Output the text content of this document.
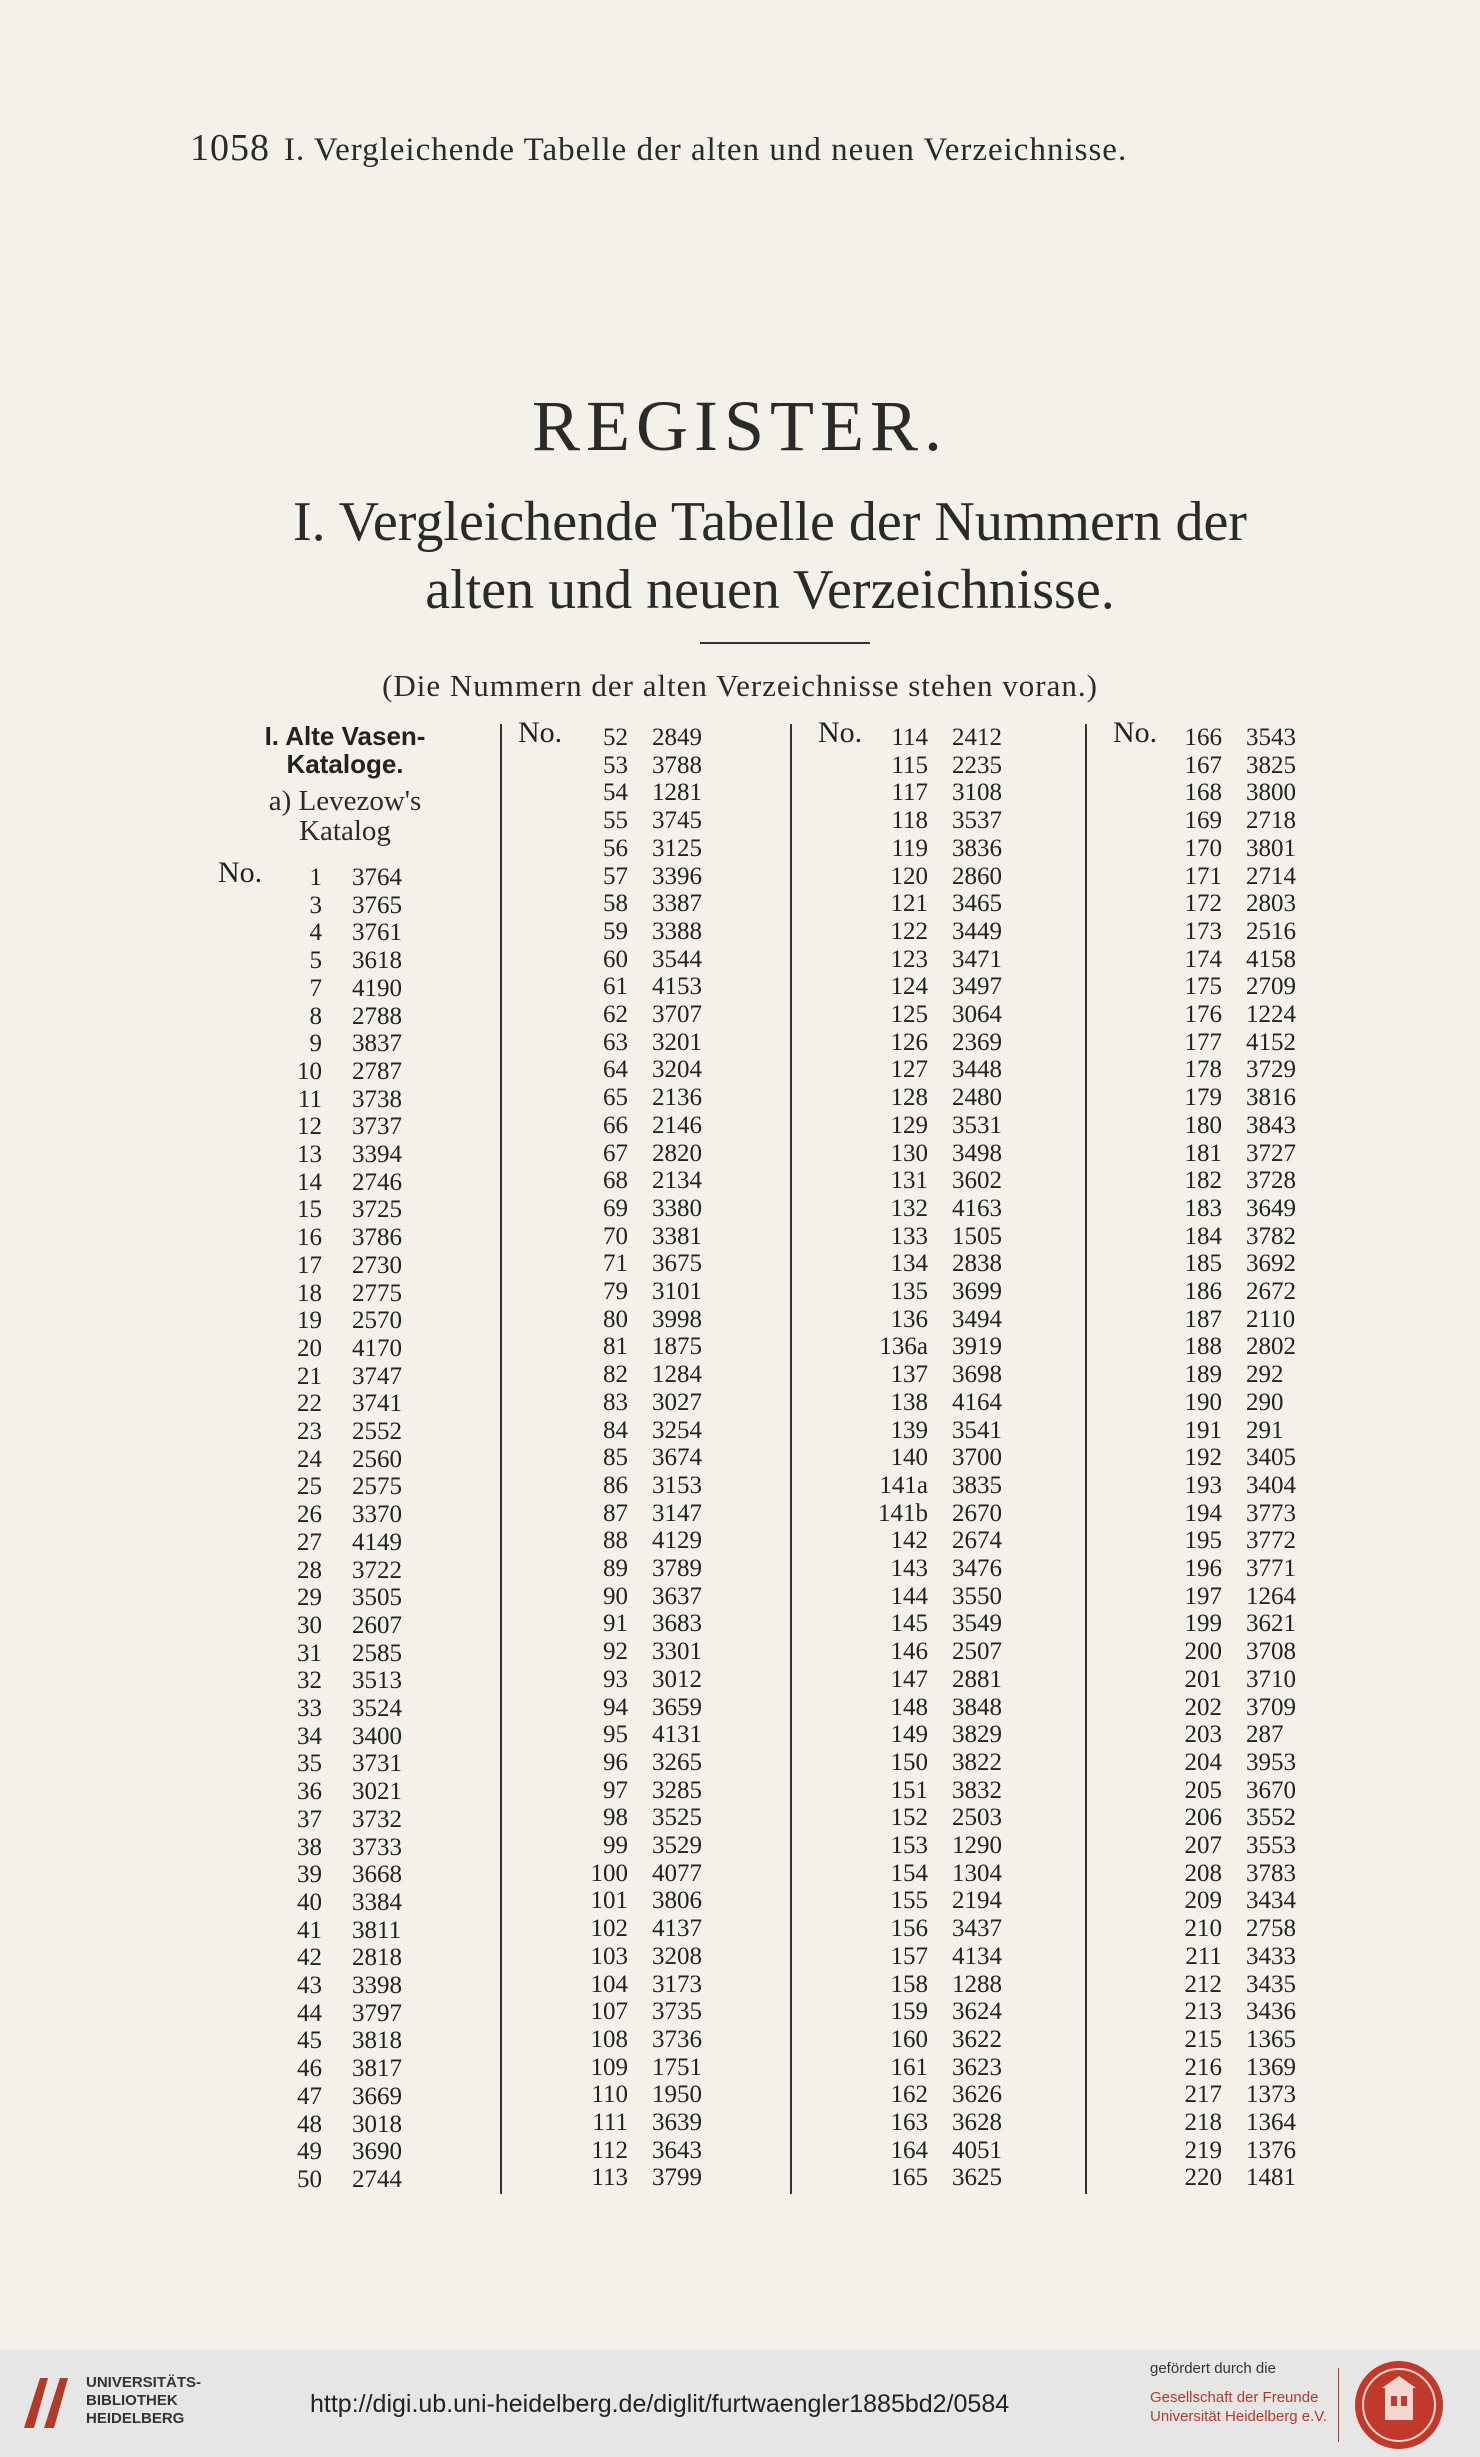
1058 I. Vergleichende Tabelle der alten und neuen Verzeichnisse.
REGISTER.
I. Vergleichende Tabelle der Nummern der
alten und neuen Verzeichnisse.
(Die Nummern der alten Verzeichnisse stehen voran.)
I. Alte Vasen-
Kataloge.
a) Levezow's
Katalog
No.	1 3764
3 3765
4 3761
5 3618
7 4190
8 2788
9 3837
10 2787
11 3738
12 3737
13 3394
14 2746
15 3725
16 3786
17 2730
18 2775
19 2570
20 4170
21 3747
22 3741
23 2552
24 2560
25 2575
26 3370
27 4149
28 3722
29 3505
30 2607
31 2585
32 3513
33 3524
34 3400
35 3731
36 3021
37 3732
38 3733
39 3668
40 3384
41 3811
42 2818
43 3398
44 3797
45 3818
46 3817
47 3669
48 3018
49 3690
50 2744
No.	52 2849
53 3788
54 1281
55 3745
56 3125
57 3396
58 3387
59 3388
60 3544
61 4153
62 3707
63 3201
64 3204
65 2136
66 2146
67 2820
68 2134
69 3380
70 3381
71 3675
79 3101
80 3998
81 1875
82 1284
83 3027
84 3254
85 3674
86 3153
87 3147
88 4129
89 3789
90 3637
91 3683
92 3301
93 3012
94 3659
95 4131
96 3265
97 3285
98 3525
99 3529
100 4077
101 3806
102 4137
103 3208
104 3173
107 3735
108 3736
109 1751
110 1950
111 3639
112 3643
113 3799
No.	114 2412
115 2235
117 3108
118 3537
119 3836
120 2860
121 3465
122 3449
123 3471
124 3497
125 3064
126 2369
127 3448
128 2480
129 3531
130 3498
131 3602
132 4163
133 1505
134 2838
135 3699
136 3494
136a 3919
137 3698
138 4164
139 3541
140 3700
141a 3835
141b 2670
142 2674
143 3476
144 3550
145 3549
146 2507
147 2881
148 3848
149 3829
150 3822
151 3832
152 2503
153 1290
154 1304
155 2194
156 3437
157 4134
158 1288
159 3624
160 3622
161 3623
162 3626
163 3628
164 4051
165 3625
No.	166 3543
167 3825
168 3800
169 2718
170 3801
171 2714
172 2803
173 2516
174 4158
175 2709
176 1224
177 4152
178 3729
179 3816
180 3843
181 3727
182 3728
183 3649
184 3782
185 3692
186 2672
187 2110
188 2802
189 292
190 290
191 291
192 3405
193 3404
194 3773
195 3772
196 3771
197 1264
199 3621
200 3708
201 3710
202 3709
203 287
204 3953
205 3670
206 3552
207 3553
208 3783
209 3434
210 2758
211 3433
212 3435
213 3436
215 1365
216 1369
217 1373
218 1364
219 1376
220 1481
UNIVERSITÄTS-
BIBLIOTHEK
HEIDELBERG
http://digi.ub.uni-heidelberg.de/diglit/furtwaengler1885bd2/0584
gefördert durch die
Gesellschaft der Freunde
Universität Heidelberg e.V.
